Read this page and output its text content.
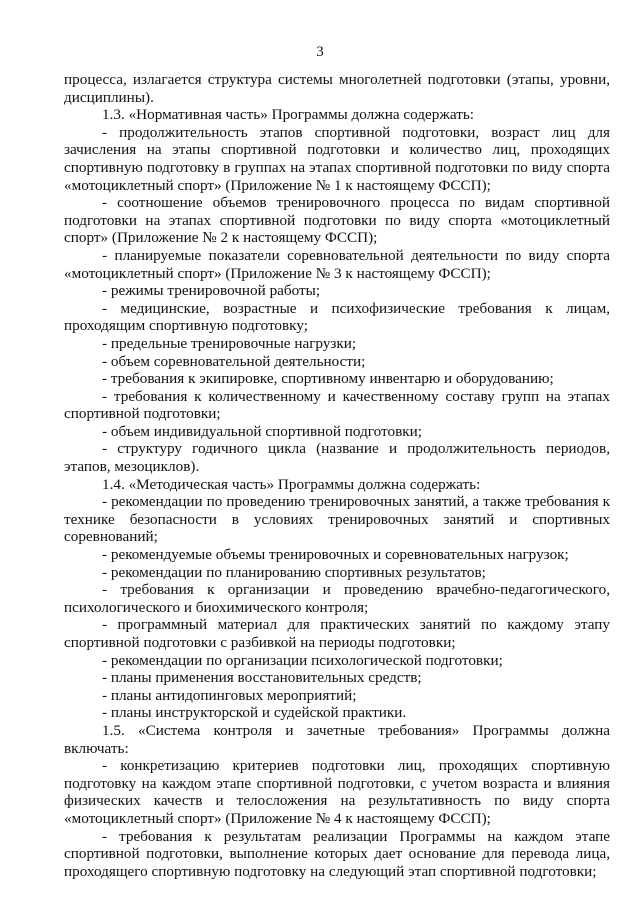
3

процесса, излагается структура системы многолетней подготовки (этапы, уровни, дисциплины).

1.3. «Нормативная часть» Программы должна содержать:

- продолжительность этапов спортивной подготовки, возраст лиц для зачисления на этапы спортивной подготовки и количество лиц, проходящих спортивную подготовку в группах на этапах спортивной подготовки по виду спорта «мотоциклетный спорт» (Приложение № 1 к настоящему ФССП);

- соотношение объемов тренировочного процесса по видам спортивной подготовки на этапах спортивной подготовки по виду спорта «мотоциклетный спорт» (Приложение № 2 к настоящему ФССП);

- планируемые показатели соревновательной деятельности по виду спорта «мотоциклетный спорт» (Приложение № 3 к настоящему ФССП);

- режимы тренировочной работы;

- медицинские, возрастные и психофизические требования к лицам, проходящим спортивную подготовку;

- предельные тренировочные нагрузки;

- объем соревновательной деятельности;

- требования к экипировке, спортивному инвентарю и оборудованию;

- требования к количественному и качественному составу групп на этапах спортивной подготовки;

- объем индивидуальной спортивной подготовки;

- структуру годичного цикла (название и продолжительность периодов, этапов, мезоциклов).

1.4. «Методическая часть» Программы должна содержать:

- рекомендации по проведению тренировочных занятий, а также требования к технике безопасности в условиях тренировочных занятий и спортивных соревнований;

- рекомендуемые объемы тренировочных и соревновательных нагрузок;

- рекомендации по планированию спортивных результатов;

- требования к организации и проведению врачебно-педагогического, психологического и биохимического контроля;

- программный материал для практических занятий по каждому этапу спортивной подготовки с разбивкой на периоды подготовки;

- рекомендации по организации психологической подготовки;

- планы применения восстановительных средств;

- планы антидопинговых мероприятий;

- планы инструкторской и судейской практики.

1.5. «Система контроля и зачетные требования» Программы должна включать:

- конкретизацию критериев подготовки лиц, проходящих спортивную подготовку на каждом этапе спортивной подготовки, с учетом возраста и влияния физических качеств и телосложения на результативность по виду спорта «мотоциклетный спорт» (Приложение № 4 к настоящему ФССП);

- требования к результатам реализации Программы на каждом этапе спортивной подготовки, выполнение которых дает основание для перевода лица, проходящего спортивную подготовку на следующий этап спортивной подготовки;
